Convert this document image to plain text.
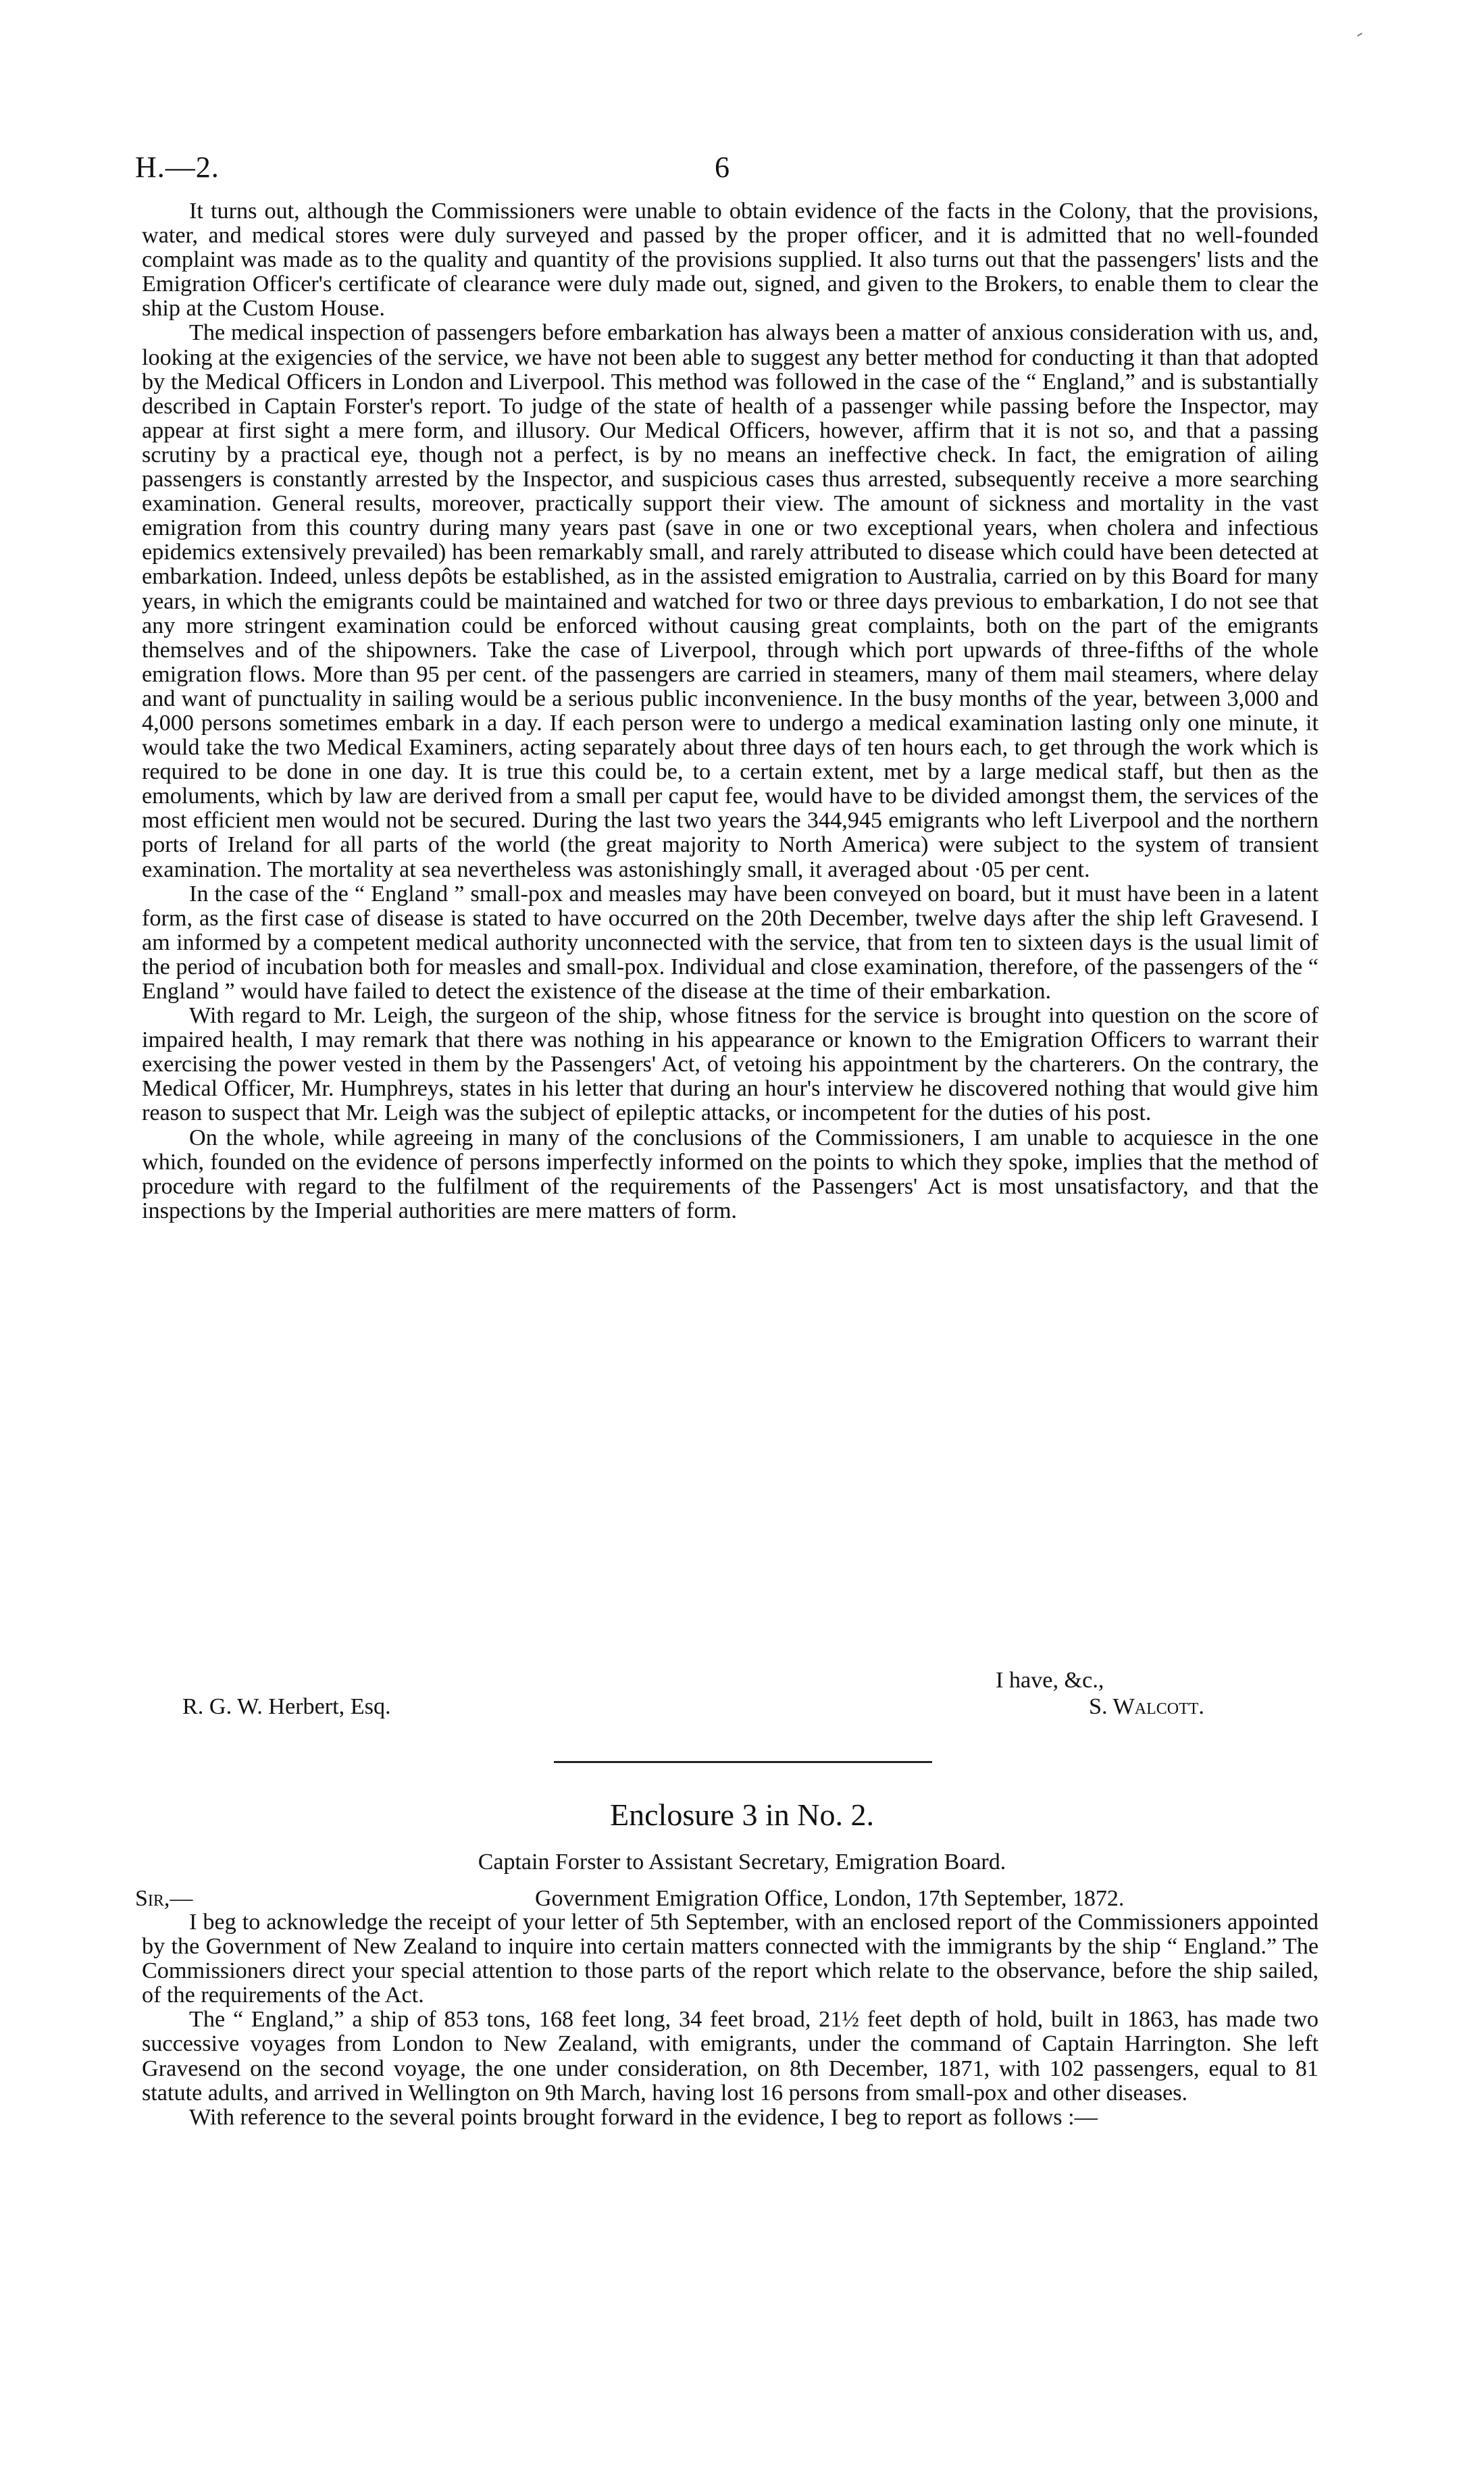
H.—2.	6

It turns out, although the Commissioners were unable to obtain evidence of the facts in the Colony, that the provisions, water, and medical stores were duly surveyed and passed by the proper officer, and it is admitted that no well-founded complaint was made as to the quality and quantity of the provisions supplied. It also turns out that the passengers' lists and the Emigration Officer's certificate of clearance were duly made out, signed, and given to the Brokers, to enable them to clear the ship at the Custom House.

The medical inspection of passengers before embarkation has always been a matter of anxious consideration with us, and, looking at the exigencies of the service, we have not been able to suggest any better method for conducting it than that adopted by the Medical Officers in London and Liverpool. This method was followed in the case of the “ England,” and is substantially described in Captain Forster's report. To judge of the state of health of a passenger while passing before the Inspector, may appear at first sight a mere form, and illusory. Our Medical Officers, however, affirm that it is not so, and that a passing scrutiny by a practical eye, though not a perfect, is by no means an ineffective check. In fact, the emigration of ailing passengers is constantly arrested by the Inspector, and suspicious cases thus arrested, subsequently receive a more searching examination. General results, moreover, practically support their view. The amount of sickness and mortality in the vast emigration from this country during many years past (save in one or two exceptional years, when cholera and infectious epidemics extensively prevailed) has been remarkably small, and rarely attributed to disease which could have been detected at embarkation. Indeed, unless depôts be established, as in the assisted emigration to Australia, carried on by this Board for many years, in which the emigrants could be maintained and watched for two or three days previous to embarkation, I do not see that any more stringent examination could be enforced without causing great complaints, both on the part of the emigrants themselves and of the shipowners. Take the case of Liverpool, through which port upwards of three-fifths of the whole emigration flows. More than 95 per cent. of the passengers are carried in steamers, many of them mail steamers, where delay and want of punctuality in sailing would be a serious public inconvenience. In the busy months of the year, between 3,000 and 4,000 persons sometimes embark in a day. If each person were to undergo a medical examination lasting only one minute, it would take the two Medical Examiners, acting separately about three days of ten hours each, to get through the work which is required to be done in one day. It is true this could be, to a certain extent, met by a large medical staff, but then as the emoluments, which by law are derived from a small per caput fee, would have to be divided amongst them, the services of the most efficient men would not be secured. During the last two years the 344,945 emigrants who left Liverpool and the northern ports of Ireland for all parts of the world (the great majority to North America) were subject to the system of transient examination. The mortality at sea nevertheless was astonishingly small, it averaged about ·05 per cent.

In the case of the “ England ” small-pox and measles may have been conveyed on board, but it must have been in a latent form, as the first case of disease is stated to have occurred on the 20th December, twelve days after the ship left Gravesend. I am informed by a competent medical authority unconnected with the service, that from ten to sixteen days is the usual limit of the period of incubation both for measles and small-pox. Individual and close examination, therefore, of the passengers of the “ England ” would have failed to detect the existence of the disease at the time of their embarkation.

With regard to Mr. Leigh, the surgeon of the ship, whose fitness for the service is brought into question on the score of impaired health, I may remark that there was nothing in his appearance or known to the Emigration Officers to warrant their exercising the power vested in them by the Passengers' Act, of vetoing his appointment by the charterers. On the contrary, the Medical Officer, Mr. Humphreys, states in his letter that during an hour's interview he discovered nothing that would give him reason to suspect that Mr. Leigh was the subject of epileptic attacks, or incompetent for the duties of his post.

On the whole, while agreeing in many of the conclusions of the Commissioners, I am unable to acquiesce in the one which, founded on the evidence of persons imperfectly informed on the points to which they spoke, implies that the method of procedure with regard to the fulfilment of the requirements of the Passengers' Act is most unsatisfactory, and that the inspections by the Imperial authorities are mere matters of form.

I have, &c.,
R. G. W. Herbert, Esq.	S. Walcott.
Enclosure 3 in No. 2.
Captain Forster to Assistant Secretary, Emigration Board.
Sir,—	Government Emigration Office, London, 17th September, 1872.

I beg to acknowledge the receipt of your letter of 5th September, with an enclosed report of the Commissioners appointed by the Government of New Zealand to inquire into certain matters connected with the immigrants by the ship “ England.” The Commissioners direct your special attention to those parts of the report which relate to the observance, before the ship sailed, of the requirements of the Act.

The “ England,” a ship of 853 tons, 168 feet long, 34 feet broad, 21½ feet depth of hold, built in 1863, has made two successive voyages from London to New Zealand, with emigrants, under the command of Captain Harrington. She left Gravesend on the second voyage, the one under consideration, on 8th December, 1871, with 102 passengers, equal to 81 statute adults, and arrived in Wellington on 9th March, having lost 16 persons from small-pox and other diseases.

With reference to the several points brought forward in the evidence, I beg to report as follows :—
